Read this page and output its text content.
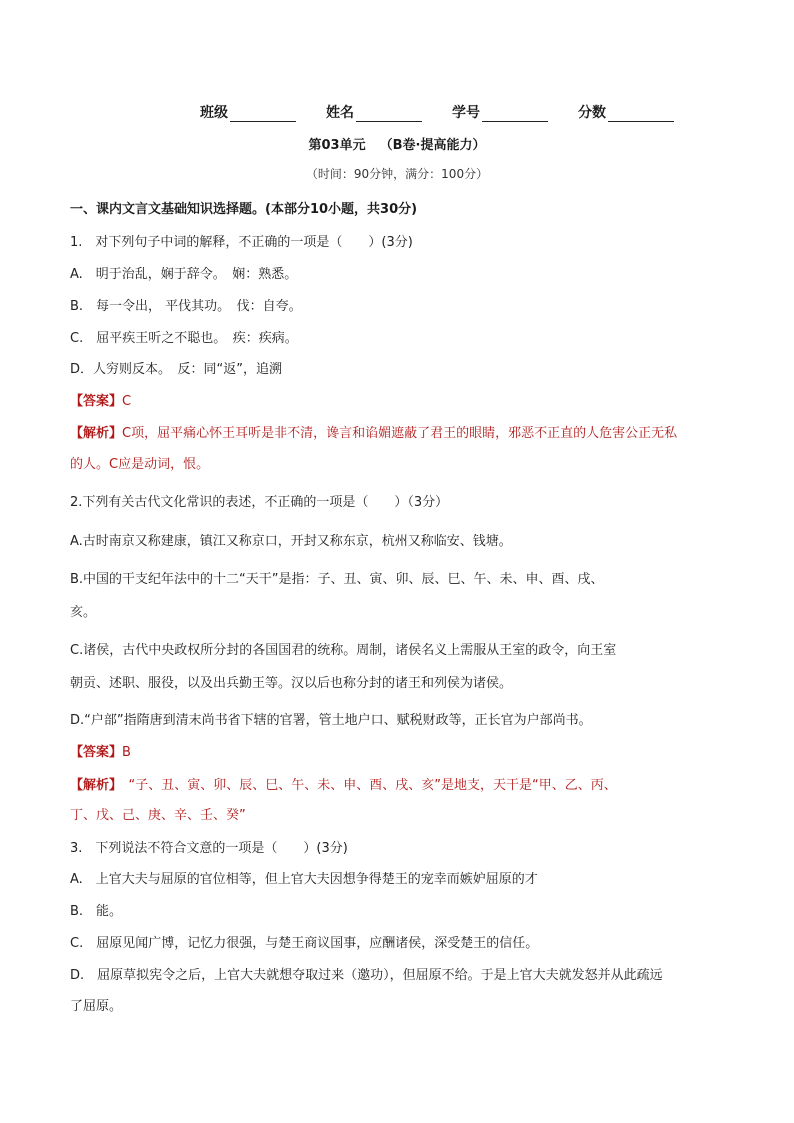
班级	姓名	学号	分数
第03单元 （B卷·提高能力）
（时间：90分钟，满分：100分）
一、课内文言文基础知识选择题。(本部分10小题，共30分)
1.　对下列句子中词的解释，不正确的一项是（　　）(3分)
A.　明于治乱，娴于辞令。　娴：熟悉。
B.　每一令出， 平伐其功。　伐：自夸。
C.　屈平疾王听之不聪也。　疾：疾病。
D．人穷则反本。　反：同“返”，追溯
【答案】C
【解析】C项，屈平痛心怀王耳听是非不清，谗言和谄媚遮蔽了君王的眼睛，邪恶不正直的人危害公正无私
的人。C应是动词，恨。
2.下列有关古代文化常识的表述，不正确的一项是（　　）（3分）
A.古时南京又称建康，镇江又称京口，开封又称东京，杭州又称临安、钱塘。
B.中国的干支纪年法中的十二“天干”是指：子、丑、寅、卯、辰、巳、午、未、申、酉、戌、
亥。
C.诸侯，古代中央政权所分封的各国国君的统称。周制，诸侯名义上需服从王室的政令，向王室
朝贡、述职、服役，以及出兵勤王等。汉以后也称分封的诸王和列侯为诸侯。
D.“户部”指隋唐到清末尚书省下辖的官署，管土地户口、赋税财政等，正长官为户部尚书。
【答案】B
【解析】　“子、丑、寅、卯、辰、巳、午、未、申、酉、戌、亥”是地支，天干是“甲、乙、丙、
丁、戊、己、庚、辛、壬、癸”
3.　下列说法不符合文意的一项是（　　）(3分)
A.　上官大夫与屈原的官位相等，但上官大夫因想争得楚王的宠幸而嫉妒屈原的才
B.　能。
C.　屈原见闻广博，记忆力很强，与楚王商议国事，应酬诸侯，深受楚王的信任。
D.　屈原草拟宪令之后，上官大夫就想夺取过来（邀功），但屈原不给。于是上官大夫就发怒并从此疏远
了屈原。
